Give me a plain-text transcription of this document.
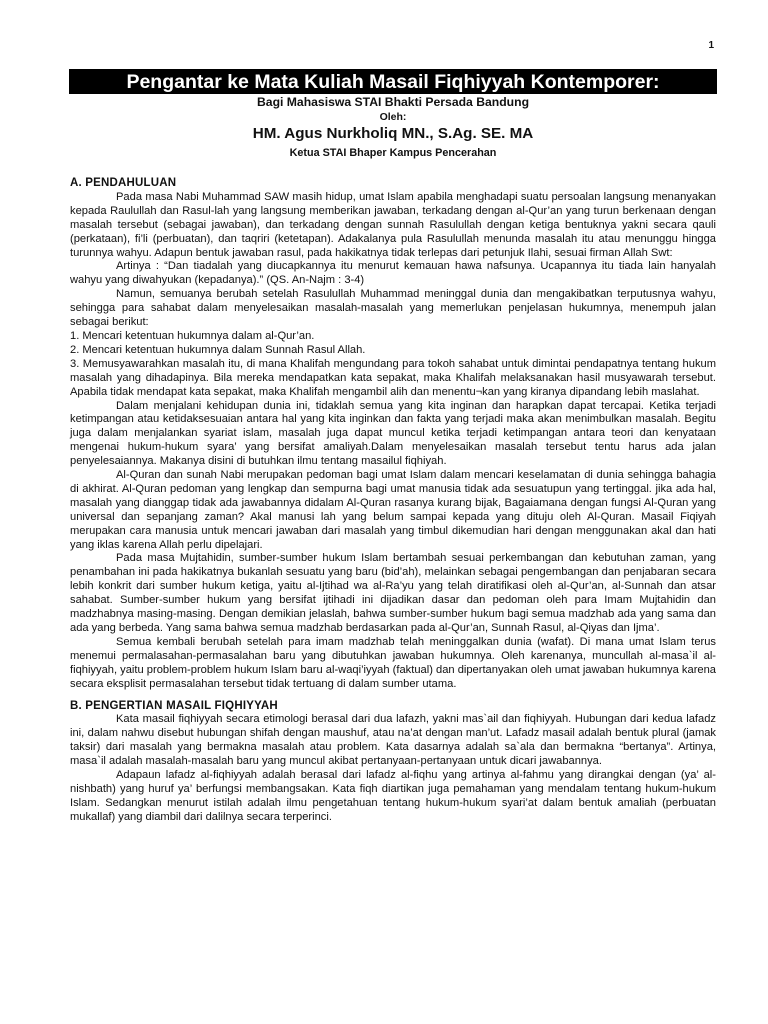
1
Pengantar ke Mata Kuliah Masail Fiqhiyyah Kontemporer:
Bagi Mahasiswa STAI Bhakti Persada Bandung
Oleh:
HM. Agus Nurkholiq MN., S.Ag. SE. MA
Ketua STAI Bhaper Kampus Pencerahan
A. PENDAHULUAN

Pada masa Nabi Muhammad SAW masih hidup, umat Islam apabila menghadapi suatu persoalan langsung menanyakan kepada Raulullah dan Rasul-lah yang langsung memberikan jawaban, terkadang dengan al-Qur’an yang turun berkenaan dengan masalah tersebut (sebagai jawaban), dan terkadang dengan sunnah Rasulullah dengan ketiga bentuknya yakni secara qauli (perkataan), fi’li (perbuatan), dan taqriri (ketetapan). Adakalanya pula Rasulullah menunda masalah itu atau menunggu hingga turunnya wahyu. Adapun bentuk jawaban rasul, pada hakikatnya tidak terlepas dari petunjuk Ilahi, sesuai firman Allah Swt:

Artinya : “Dan tiadalah yang diucapkannya itu menurut kemauan hawa nafsunya. Ucapannya itu tiada lain hanyalah wahyu yang diwahyukan (kepadanya).” (QS. An-Najm : 3-4)

Namun, semuanya berubah setelah Rasulullah Muhammad meninggal dunia dan mengakibatkan terputusnya wahyu, sehingga para sahabat dalam menyelesaikan masalah-masalah yang memerlukan penjelasan hukumnya, menempuh jalan sebagai berikut:

1. Mencari ketentuan hukumnya dalam al-Qur’an.

2. Mencari ketentuan hukumnya dalam Sunnah Rasul Allah.

3. Memusyawarahkan masalah itu, di mana Khalifah mengundang para tokoh sahabat untuk dimintai pendapatnya tentang hukum masalah yang dihadapinya. Bila mereka mendapatkan kata sepakat, maka Khalifah melaksanakan hasil musyawarah tersebut. Apabila tidak mendapat kata sepakat, maka Khalifah mengambil alih dan menentu¬kan yang kiranya dipandang lebih maslahat.

Dalam menjalani kehidupan dunia ini, tidaklah semua yang kita inginan dan harapkan dapat tercapai. Ketika terjadi ketimpangan atau ketidaksesuaian antara hal yang kita inginkan dan fakta yang terjadi maka akan menimbulkan masalah. Begitu juga dalam menjalankan syariat islam, masalah juga dapat muncul ketika terjadi ketimpangan antara teori dan kenyataan mengenai hukum-hukum syara’ yang bersifat amaliyah.Dalam menyelesaikan masalah tersebut tentu harus ada jalan penyelesaiannya. Makanya disini di butuhkan ilmu tentang masailul fiqhiyah.

Al-Quran dan sunah Nabi merupakan pedoman bagi umat Islam dalam mencari keselamatan di dunia sehingga bahagia di akhirat. Al-Quran pedoman yang lengkap dan sempurna bagi umat manusia tidak ada sesuatupun yang tertinggal. jika ada hal, masalah yang dianggap tidak ada jawabannya didalam Al-Quran rasanya kurang bijak, Bagaiamana dengan fungsi Al-Quran yang universal dan sepanjang zaman? Akal manusi lah yang belum sampai kepada yang dituju oleh Al-Quran. Masail Fiqiyah merupakan cara manusia untuk mencari jawaban dari masalah yang timbul dikemudian hari dengan menggunakan akal dan hati yang iklas karena Allah perlu dipelajari.

Pada masa Mujtahidin, sumber-sumber hukum Islam bertambah sesuai perkembangan dan kebutuhan zaman, yang penambahan ini pada hakikatnya bukanlah sesuatu yang baru (bid’ah), melainkan sebagai pengembangan dan penjabaran secara lebih konkrit dari sumber hukum ketiga, yaitu al-Ijtihad wa al-Ra’yu yang telah diratifikasi oleh al-Qur’an, al-Sunnah dan atsar sahabat. Sumber-sumber hukum yang bersifat ijtihadi ini dijadikan dasar dan pedoman oleh para Imam Mujtahidin dan madzhabnya masing-masing. Dengan demikian jelaslah, bahwa sumber-sumber hukum bagi semua madzhab ada yang sama dan ada yang berbeda. Yang sama bahwa semua madzhab berdasarkan pada al-Qur’an, Sunnah Rasul, al-Qiyas dan Ijma’.

Semua kembali berubah setelah para imam madzhab telah meninggalkan dunia (wafat). Di mana umat Islam terus menemui permalasahan-permasalahan baru yang dibutuhkan jawaban hukumnya. Oleh karenanya, muncullah al-masa`il al-fiqhiyyah, yaitu problem-problem hukum Islam baru al-waqi’iyyah (faktual) dan dipertanyakan oleh umat jawaban hukumnya karena secara eksplisit permasalahan tersebut tidak tertuang di dalam sumber utama.

B. PENGERTIAN MASAIL FIQHIYYAH

Kata masail fiqhiyyah secara etimologi berasal dari dua lafazh, yakni mas`ail dan fiqhiyyah. Hubungan dari kedua lafadz ini, dalam nahwu disebut hubungan shifah dengan maushuf, atau na’at dengan man’ut. Lafadz masail adalah bentuk plural (jamak taksir) dari masalah yang bermakna masalah atau problem. Kata dasarnya adalah sa`ala dan bermakna “bertanya”. Artinya, masa`il adalah masalah-masalah baru yang muncul akibat pertanyaan-pertanyaan untuk dicari jawabannya.

Adapaun lafadz al-fiqhiyyah adalah berasal dari lafadz al-fiqhu yang artinya al-fahmu yang dirangkai dengan (ya’ al-nishbath) yang huruf ya’ berfungsi membangsakan. Kata fiqh diartikan juga pemahaman yang mendalam tentang hukum-hukum Islam. Sedangkan menurut istilah adalah ilmu pengetahuan tentang hukum-hukum syari’at dalam bentuk amaliah (perbuatan mukallaf) yang diambil dari dalilnya secara terperinci.
